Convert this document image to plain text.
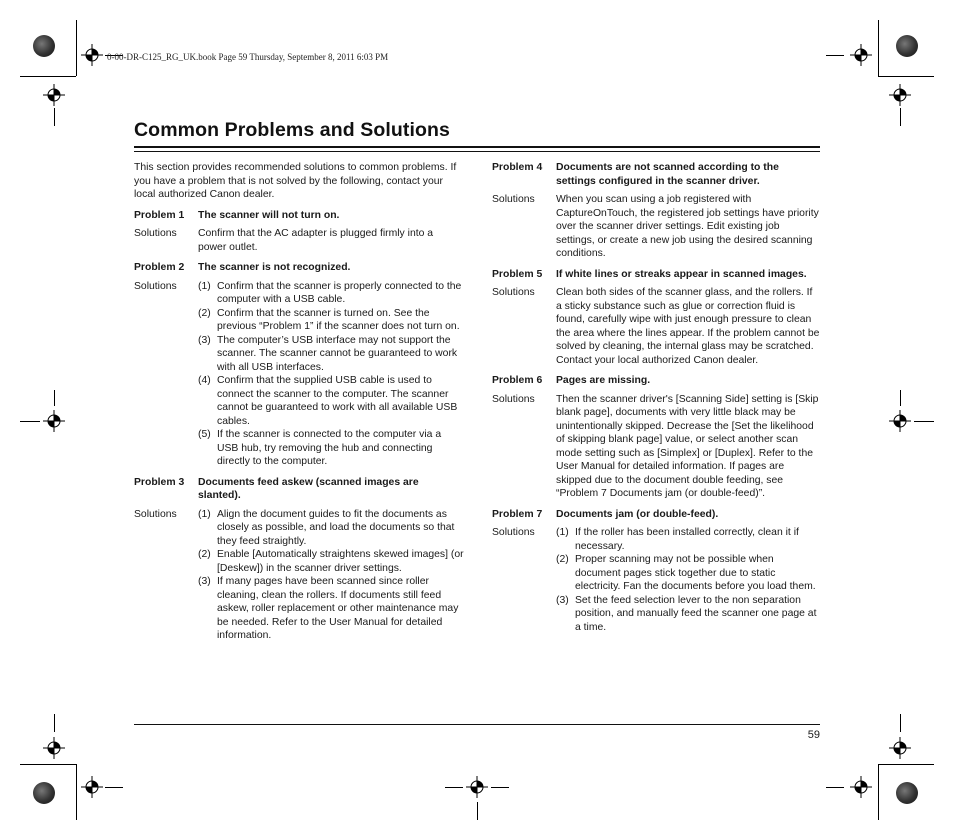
0-00-DR-C125_RG_UK.book Page 59 Thursday, September 8, 2011 6:03 PM
Common Problems and Solutions

This section provides recommended solutions to common problems. If you have a problem that is not solved by the following, contact your local authorized Canon dealer.

Problem 1	The scanner will not turn on.
Solutions	Confirm that the AC adapter is plugged firmly into a power outlet.
Problem 2	The scanner is not recognized.
Solutions	(1) Confirm that the scanner is properly connected to the computer with a USB cable.
(2) Confirm that the scanner is turned on. See the previous “Problem 1” if the scanner does not turn on.
(3) The computer’s USB interface may not support the scanner. The scanner cannot be guaranteed to work with all USB interfaces.
(4) Confirm that the supplied USB cable is used to connect the scanner to the computer. The scanner cannot be guaranteed to work with all available USB cables.
(5) If the scanner is connected to the computer via a USB hub, try removing the hub and connecting directly to the computer.
Problem 3	Documents feed askew (scanned images are slanted).
Solutions	(1) Align the document guides to fit the documents as closely as possible, and load the documents so that they feed straightly.
(2) Enable [Automatically straightens skewed images] (or [Deskew]) in the scanner driver settings.
(3) If many pages have been scanned since roller cleaning, clean the rollers. If documents still feed askew, roller replacement or other maintenance may be needed. Refer to the User Manual for detailed information.
Problem 4	Documents are not scanned according to the settings configured in the scanner driver.
Solutions	When you scan using a job registered with CaptureOnTouch, the registered job settings have priority over the scanner driver settings. Edit existing job settings, or create a new job using the desired scanning conditions.
Problem 5	If white lines or streaks appear in scanned images.
Solutions	Clean both sides of the scanner glass, and the rollers. If a sticky substance such as glue or correction fluid is found, carefully wipe with just enough pressure to clean the area where the lines appear. If the problem cannot be solved by cleaning, the internal glass may be scratched. Contact your local authorized Canon dealer.
Problem 6	Pages are missing.
Solutions	Then the scanner driver's [Scanning Side] setting is [Skip blank page], documents with very little black may be unintentionally skipped. Decrease the [Set the likelihood of skipping blank page] value, or select another scan mode setting such as [Simplex] or [Duplex]. Refer to the User Manual for detailed information. If pages are skipped due to the document double feeding, see “Problem 7 Documents jam (or double-feed)”.
Problem 7	Documents jam (or double-feed).
Solutions	(1) If the roller has been installed correctly, clean it if necessary.
(2) Proper scanning may not be possible when document pages stick together due to static electricity. Fan the documents before you load them.
(3) Set the feed selection lever to the non separation position, and manually feed the scanner one page at a time.
59
